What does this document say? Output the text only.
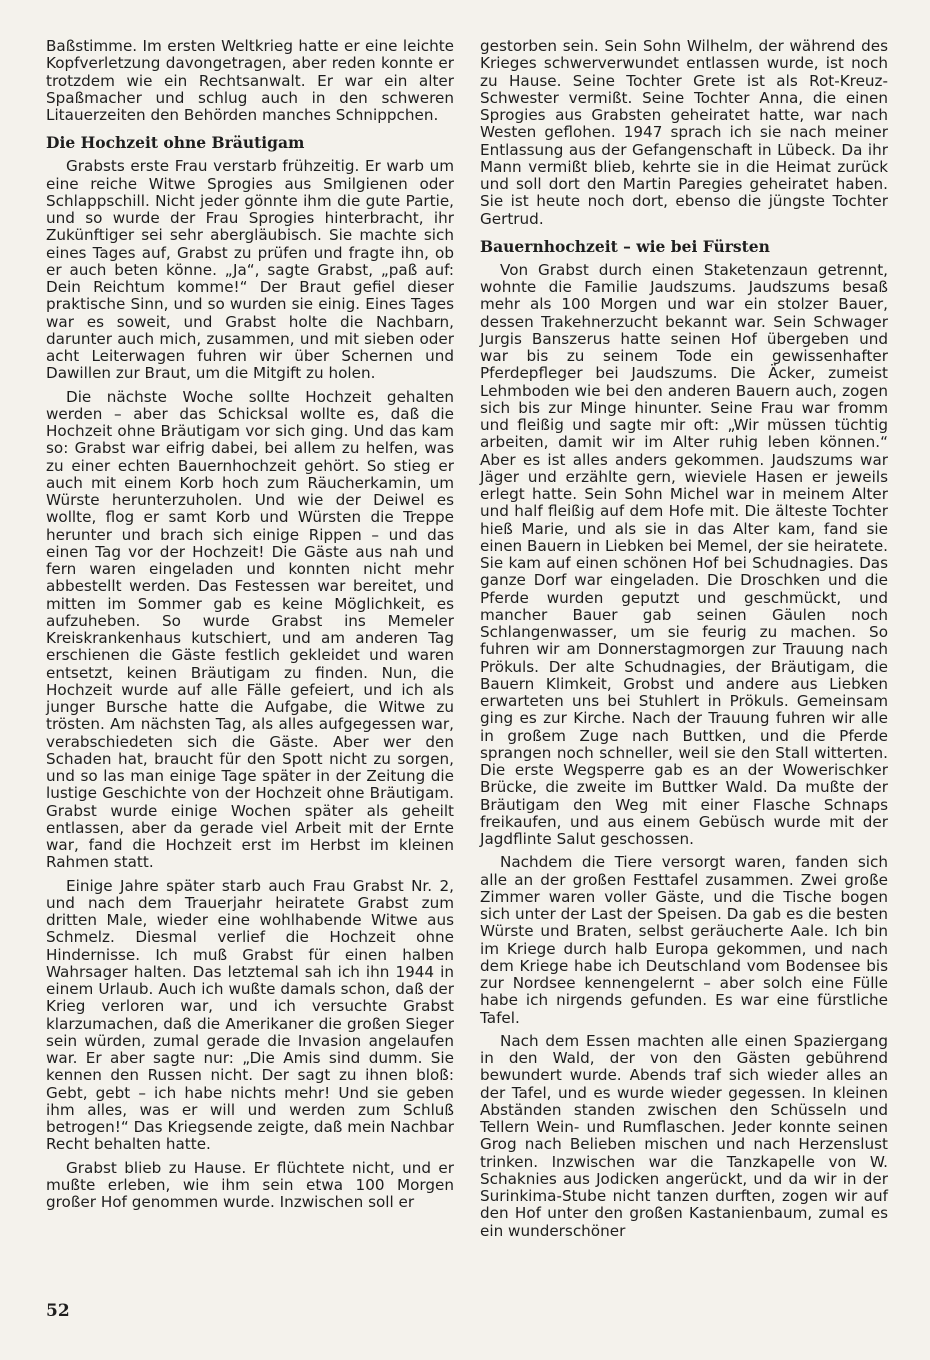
Baßstimme. Im ersten Weltkrieg hatte er eine leichte Kopfverletzung davongetragen, aber reden konnte er trotzdem wie ein Rechtsanwalt. Er war ein alter Spaßmacher und schlug auch in den schweren Litauerzeiten den Behörden manches Schnippchen.

Die Hochzeit ohne Bräutigam

Grabsts erste Frau verstarb frühzeitig. Er warb um eine reiche Witwe Sprogies aus Smilgienen oder Schlappschill. Nicht jeder gönnte ihm die gute Partie, und so wurde der Frau Sprogies hinterbracht, ihr Zukünftiger sei sehr abergläubisch. Sie machte sich eines Tages auf, Grabst zu prüfen und fragte ihn, ob er auch beten könne. „Ja“, sagte Grabst, „paß auf: Dein Reichtum komme!“ Der Braut gefiel dieser praktische Sinn, und so wurden sie einig. Eines Tages war es soweit, und Grabst holte die Nachbarn, darunter auch mich, zusammen, und mit sieben oder acht Leiterwagen fuhren wir über Schernen und Dawillen zur Braut, um die Mitgift zu holen.

Die nächste Woche sollte Hochzeit gehalten werden – aber das Schicksal wollte es, daß die Hochzeit ohne Bräutigam vor sich ging. Und das kam so: Grabst war eifrig dabei, bei allem zu helfen, was zu einer echten Bauernhochzeit gehört. So stieg er auch mit einem Korb hoch zum Räucherkamin, um Würste herunterzuholen. Und wie der Deiwel es wollte, flog er samt Korb und Würsten die Treppe herunter und brach sich einige Rippen – und das einen Tag vor der Hochzeit! Die Gäste aus nah und fern waren eingeladen und konnten nicht mehr abbestellt werden. Das Festessen war bereitet, und mitten im Sommer gab es keine Möglichkeit, es aufzuheben. So wurde Grabst ins Memeler Kreiskrankenhaus kutschiert, und am anderen Tag erschienen die Gäste festlich gekleidet und waren entsetzt, keinen Bräutigam zu finden. Nun, die Hochzeit wurde auf alle Fälle gefeiert, und ich als junger Bursche hatte die Aufgabe, die Witwe zu trösten. Am nächsten Tag, als alles aufgegessen war, verabschiedeten sich die Gäste. Aber wer den Schaden hat, braucht für den Spott nicht zu sorgen, und so las man einige Tage später in der Zeitung die lustige Geschichte von der Hochzeit ohne Bräutigam. Grabst wurde einige Wochen später als geheilt entlassen, aber da gerade viel Arbeit mit der Ernte war, fand die Hochzeit erst im Herbst im kleinen Rahmen statt.

Einige Jahre später starb auch Frau Grabst Nr. 2, und nach dem Trauerjahr heiratete Grabst zum dritten Male, wieder eine wohlhabende Witwe aus Schmelz. Diesmal verlief die Hochzeit ohne Hindernisse. Ich muß Grabst für einen halben Wahrsager halten. Das letztemal sah ich ihn 1944 in einem Urlaub. Auch ich wußte damals schon, daß der Krieg verloren war, und ich versuchte Grabst klarzumachen, daß die Amerikaner die großen Sieger sein würden, zumal gerade die Invasion angelaufen war. Er aber sagte nur: „Die Amis sind dumm. Sie kennen den Russen nicht. Der sagt zu ihnen bloß: Gebt, gebt – ich habe nichts mehr! Und sie geben ihm alles, was er will und werden zum Schluß betrogen!“ Das Kriegsende zeigte, daß mein Nachbar Recht behalten hatte.

Grabst blieb zu Hause. Er flüchtete nicht, und er mußte erleben, wie ihm sein etwa 100 Morgen großer Hof genommen wurde. Inzwischen soll er

gestorben sein. Sein Sohn Wilhelm, der während des Krieges schwerverwundet entlassen wurde, ist noch zu Hause. Seine Tochter Grete ist als Rot-Kreuz-Schwester vermißt. Seine Tochter Anna, die einen Sprogies aus Grabsten geheiratet hatte, war nach Westen geflohen. 1947 sprach ich sie nach meiner Entlassung aus der Gefangenschaft in Lübeck. Da ihr Mann vermißt blieb, kehrte sie in die Heimat zurück und soll dort den Martin Paregies geheiratet haben. Sie ist heute noch dort, ebenso die jüngste Tochter Gertrud.

Bauernhochzeit – wie bei Fürsten

Von Grabst durch einen Staketenzaun getrennt, wohnte die Familie Jaudszums. Jaudszums besaß mehr als 100 Morgen und war ein stolzer Bauer, dessen Trakehnerzucht bekannt war. Sein Schwager Jurgis Banszerus hatte seinen Hof übergeben und war bis zu seinem Tode ein gewissenhafter Pferdepfleger bei Jaudszums. Die Äcker, zumeist Lehmboden wie bei den anderen Bauern auch, zogen sich bis zur Minge hinunter. Seine Frau war fromm und fleißig und sagte mir oft: „Wir müssen tüchtig arbeiten, damit wir im Alter ruhig leben können.“ Aber es ist alles anders gekommen. Jaudszums war Jäger und erzählte gern, wieviele Hasen er jeweils erlegt hatte. Sein Sohn Michel war in meinem Alter und half fleißig auf dem Hofe mit. Die älteste Tochter hieß Marie, und als sie in das Alter kam, fand sie einen Bauern in Liebken bei Memel, der sie heiratete. Sie kam auf einen schönen Hof bei Schudnagies. Das ganze Dorf war eingeladen. Die Droschken und die Pferde wurden geputzt und geschmückt, und mancher Bauer gab seinen Gäulen noch Schlangenwasser, um sie feurig zu machen. So fuhren wir am Donnerstagmorgen zur Trauung nach Prökuls. Der alte Schudnagies, der Bräutigam, die Bauern Klimkeit, Grobst und andere aus Liebken erwarteten uns bei Stuhlert in Prökuls. Gemeinsam ging es zur Kirche. Nach der Trauung fuhren wir alle in großem Zuge nach Buttken, und die Pferde sprangen noch schneller, weil sie den Stall witterten. Die erste Wegsperre gab es an der Wowerischker Brücke, die zweite im Buttker Wald. Da mußte der Bräutigam den Weg mit einer Flasche Schnaps freikaufen, und aus einem Gebüsch wurde mit der Jagdflinte Salut geschossen.

Nachdem die Tiere versorgt waren, fanden sich alle an der großen Festtafel zusammen. Zwei große Zimmer waren voller Gäste, und die Tische bogen sich unter der Last der Speisen. Da gab es die besten Würste und Braten, selbst geräucherte Aale. Ich bin im Kriege durch halb Europa gekommen, und nach dem Kriege habe ich Deutschland vom Bodensee bis zur Nordsee kennengelernt – aber solch eine Fülle habe ich nirgends gefunden. Es war eine fürstliche Tafel.

Nach dem Essen machten alle einen Spaziergang in den Wald, der von den Gästen gebührend bewundert wurde. Abends traf sich wieder alles an der Tafel, und es wurde wieder gegessen. In kleinen Abständen standen zwischen den Schüsseln und Tellern Wein- und Rumflaschen. Jeder konnte seinen Grog nach Belieben mischen und nach Herzenslust trinken. Inzwischen war die Tanzkapelle von W. Schaknies aus Jodicken angerückt, und da wir in der Surinkima-Stube nicht tanzen durften, zogen wir auf den Hof unter den großen Kastanienbaum, zumal es ein wunderschöner

52
